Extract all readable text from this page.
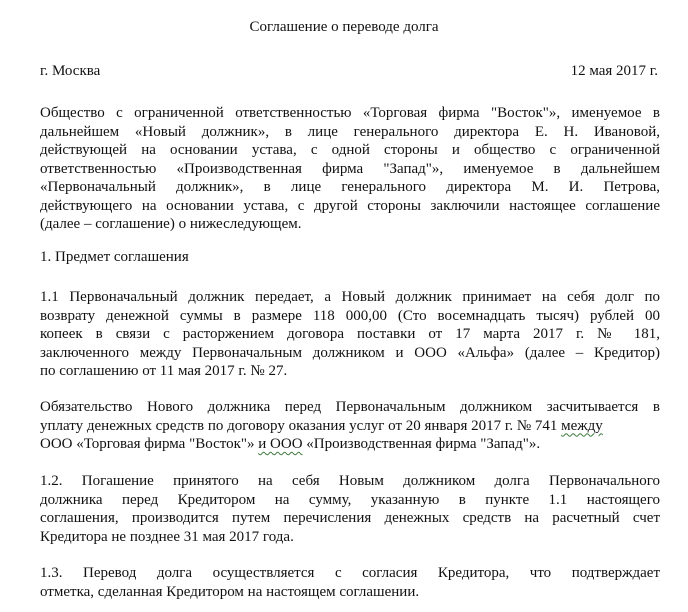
Соглашение о переводе долга
г. Москва	12 мая 2017 г.
Общество с ограниченной ответственностью «Торговая фирма "Восток"», именуемое в
дальнейшем «Новый должник», в лице генерального директора Е. Н. Ивановой,
действующей на основании устава, с одной стороны и общество с ограниченной
ответственностью «Производственная фирма "Запад"», именуемое в дальнейшем
«Первоначальный должник», в лице генерального директора М. И. Петрова,
действующего на основании устава, с другой стороны заключили настоящее соглашение
(далее – соглашение) о нижеследующем.
1. Предмет соглашения
1.1 Первоначальный должник передает, а Новый должник принимает на себя долг по
возврату денежной суммы в размере 118 000,00 (Сто восемнадцать тысяч) рублей 00
копеек в связи с расторжением договора поставки от 17 марта 2017 г. № 181,
заключенного между Первоначальным должником и ООО «Альфа» (далее – Кредитор)
по соглашению от 11 мая 2017 г. № 27.
Обязательство Нового должника перед Первоначальным должником засчитывается в
уплату денежных средств по договору оказания услуг от 20 января 2017 г. № 741 между
ООО «Торговая фирма "Восток"» и ООО «Производственная фирма "Запад"».
1.2. Погашение принятого на себя Новым должником долга Первоначального
должника перед Кредитором на сумму, указанную в пункте 1.1 настоящего
соглашения, производится путем перечисления денежных средств на расчетный счет
Кредитора не позднее 31 мая 2017 года.
1.3. Перевод долга осуществляется с согласия Кредитора, что подтверждает
отметка, сделанная Кредитором на настоящем соглашении.
